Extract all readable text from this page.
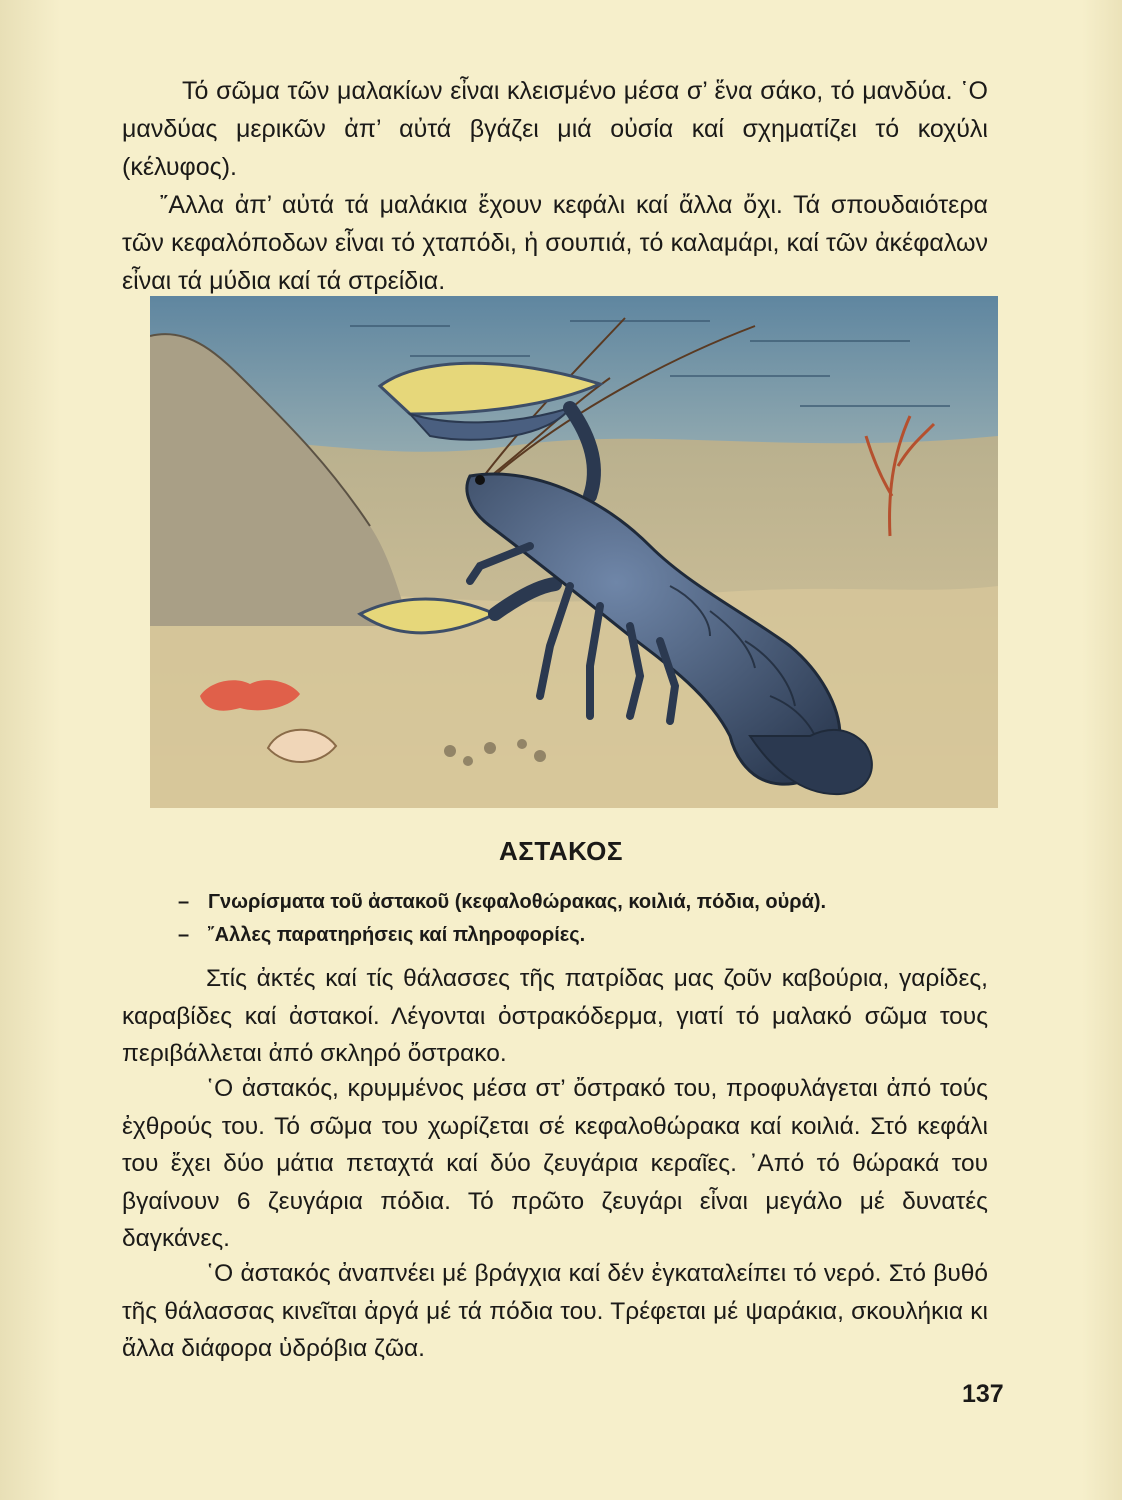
Τό σῶμα τῶν μαλακίων εἶναι κλεισμένο μέσα σ’ ἕνα σάκο, τό μανδύα. ῾Ο μανδύας μερικῶν ἀπ’ αὐτά βγάζει μιά οὐσία καί σχηματίζει τό κοχύλι (κέλυφος).

῎Αλλα ἀπ’ αὐτά τά μαλάκια ἔχουν κεφάλι καί ἄλλα ὄχι. Τά σπουδαιότερα τῶν κεφαλόποδων εἶναι τό χταπόδι, ἡ σουπιά, τό καλαμάρι, καί τῶν ἀκέφαλων εἶναι τά μύδια καί τά στρείδια.

ΑΣΤΑΚΟΣ
– Γνωρίσματα τοῦ ἀστακοῦ (κεφαλοθώρακας, κοιλιά, πόδια, οὐρά).
– ῎Αλλες παρατηρήσεις καί πληροφορίες.

Στίς ἀκτές καί τίς θάλασσες τῆς πατρίδας μας ζοῦν καβούρια, γαρίδες, καραβίδες καί ἀστακοί. Λέγονται ὀστρακόδερμα, γιατί τό μαλακό σῶμα τους περιβάλλεται ἀπό σκληρό ὄστρακο.

῾Ο ἀστακός, κρυμμένος μέσα στ’ ὄστρακό του, προφυλάγεται ἀπό τούς ἐχθρούς του. Τό σῶμα του χωρίζεται σέ κεφαλοθώρακα καί κοιλιά. Στό κεφάλι του ἔχει δύο μάτια πεταχτά καί δύο ζευγάρια κεραῖες. ᾿Από τό θώρακά του βγαίνουν 6 ζευγάρια πόδια. Τό πρῶτο ζευγάρι εἶναι μεγάλο μέ δυνατές δαγκάνες.

῾Ο ἀστακός ἀναπνέει μέ βράγχια καί δέν ἐγκαταλείπει τό νερό. Στό βυθό τῆς θάλασσας κινεῖται ἀργά μέ τά πόδια του. Τρέφεται μέ ψαράκια, σκουλήκια κι ἄλλα διάφορα ὑδρόβια ζῶα.

137
